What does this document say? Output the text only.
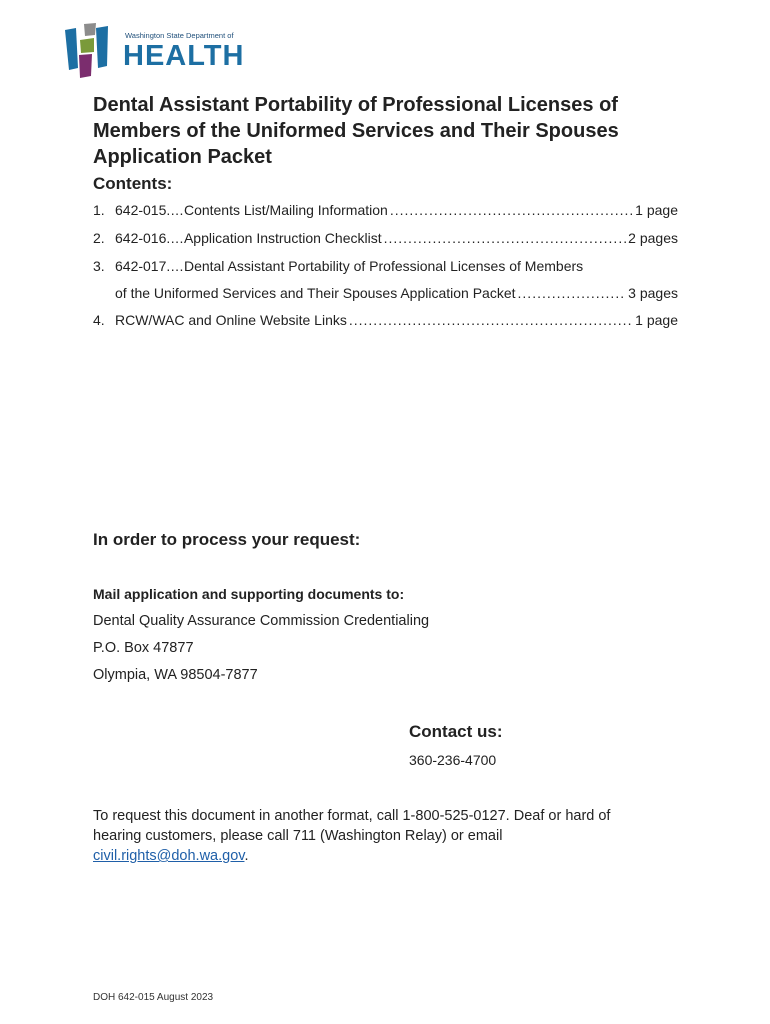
Washington State Department of
HEALTH
Dental Assistant Portability of Professional Licenses of Members of the Uniformed Services and Their Spouses Application Packet
Contents:
1. 642-015 .... Contents List/Mailing Information .....	1 page
2. 642-016 .... Application Instruction Checklist .....	2 pages
3. 642-017 .... Dental Assistant Portability of Professional Licenses of Members
of the Uniformed Services and Their Spouses Application Packet .....	3 pages
4. RCW/WAC and Online Website Links .....	1 page
In order to process your request:
Mail application and supporting documents to:
Dental Quality Assurance Commission Credentialing
P.O. Box 47877
Olympia, WA 98504-7877
Contact us:
360-236-4700

To request this document in another format, call 1-800-525-0127. Deaf or hard of hearing customers, please call 711 (Washington Relay) or email civil.rights@doh.wa.gov.

DOH 642-015 August 2023
